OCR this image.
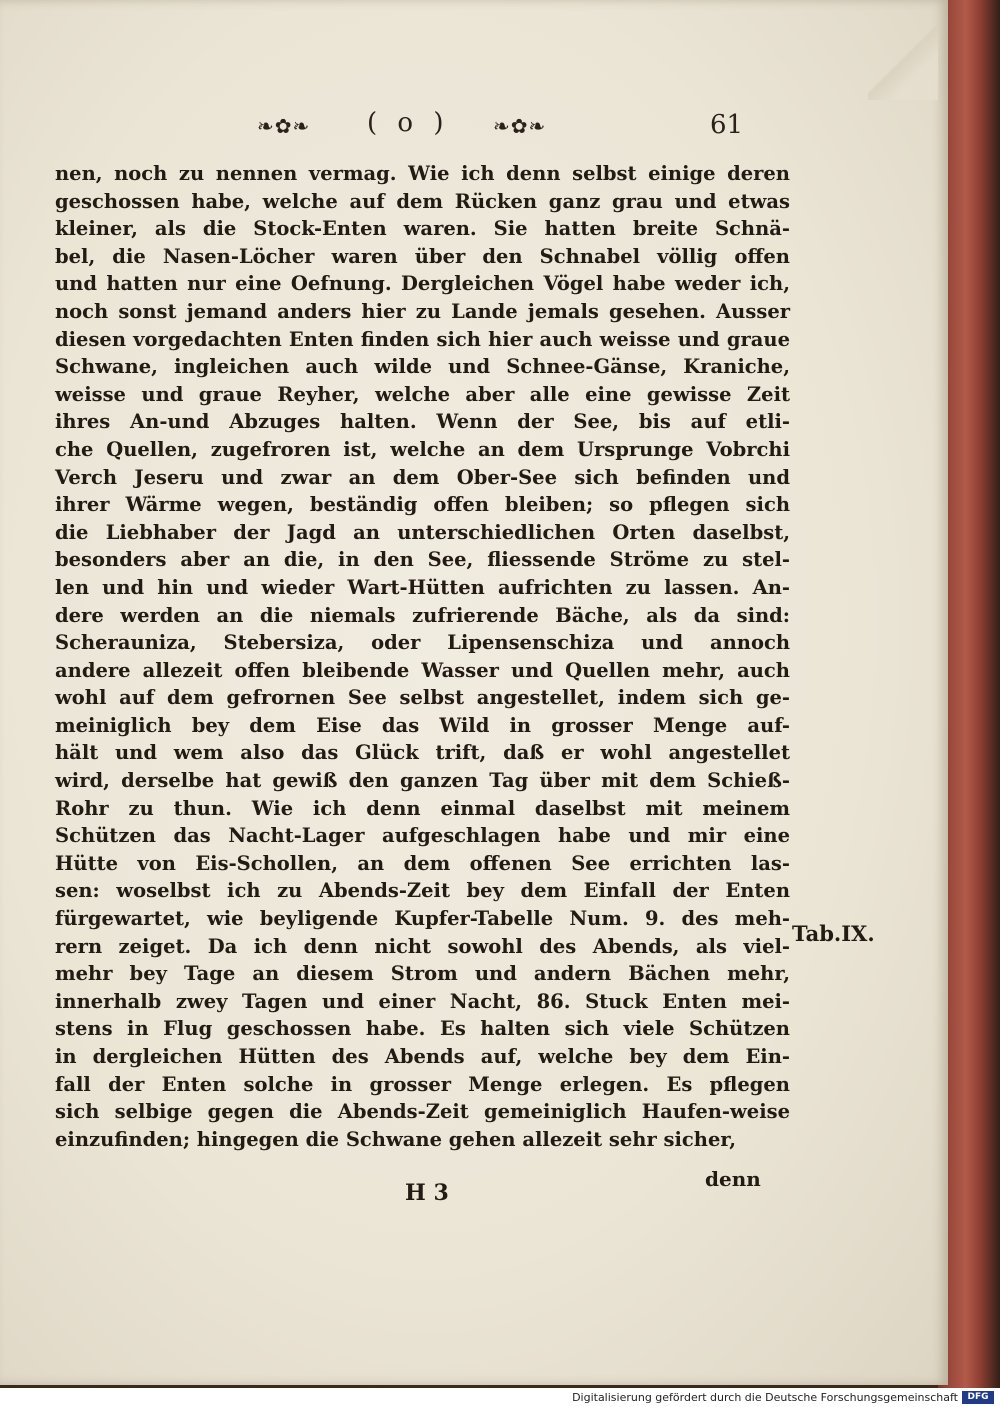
❧✿❧ ( o ) ❧✿❧	61
nen, noch zu nennen vermag. Wie ich denn selbst einige deren
geschossen habe, welche auf dem Rücken ganz grau und etwas
kleiner, als die Stock-Enten waren. Sie hatten breite Schnä-
bel, die Nasen-Löcher waren über den Schnabel völlig offen
und hatten nur eine Oefnung. Dergleichen Vögel habe weder ich,
noch sonst jemand anders hier zu Lande jemals gesehen. Ausser
diesen vorgedachten Enten finden sich hier auch weisse und graue
Schwane, ingleichen auch wilde und Schnee-Gänse, Kraniche,
weisse und graue Reyher, welche aber alle eine gewisse Zeit
ihres An-und Abzuges halten. Wenn der See, bis auf etli-
che Quellen, zugefroren ist, welche an dem Ursprunge Vobrchi
Verch Jeseru und zwar an dem Ober-See sich befinden und
ihrer Wärme wegen, beständig offen bleiben; so pflegen sich
die Liebhaber der Jagd an unterschiedlichen Orten daselbst,
besonders aber an die, in den See, fliessende Ströme zu stel-
len und hin und wieder Wart-Hütten aufrichten zu lassen. An-
dere werden an die niemals zufrierende Bäche, als da sind:
Scherauniza, Stebersiza, oder Lipensenschiza und annoch
andere allezeit offen bleibende Wasser und Quellen mehr, auch
wohl auf dem gefrornen See selbst angestellet, indem sich ge-
meiniglich bey dem Eise das Wild in grosser Menge auf-
hält und wem also das Glück trift, daß er wohl angestellet
wird, derselbe hat gewiß den ganzen Tag über mit dem Schieß-
Rohr zu thun. Wie ich denn einmal daselbst mit meinem
Schützen das Nacht-Lager aufgeschlagen habe und mir eine
Hütte von Eis-Schollen, an dem offenen See errichten las-
sen: woselbst ich zu Abends-Zeit bey dem Einfall der Enten
fürgewartet, wie beyligende Kupfer-Tabelle Num. 9. des meh-
rern zeiget. Da ich denn nicht sowohl des Abends, als viel-
mehr bey Tage an diesem Strom und andern Bächen mehr,
innerhalb zwey Tagen und einer Nacht, 86. Stuck Enten mei-
stens in Flug geschossen habe. Es halten sich viele Schützen
in dergleichen Hütten des Abends auf, welche bey dem Ein-
fall der Enten solche in grosser Menge erlegen. Es pflegen
sich selbige gegen die Abends-Zeit gemeiniglich Haufen-weise
einzufinden; hingegen die Schwane gehen allezeit sehr sicher,
Tab.IX.
H 3
denn
Digitalisierung gefördert durch die Deutsche Forschungsgemeinschaft	DFG
